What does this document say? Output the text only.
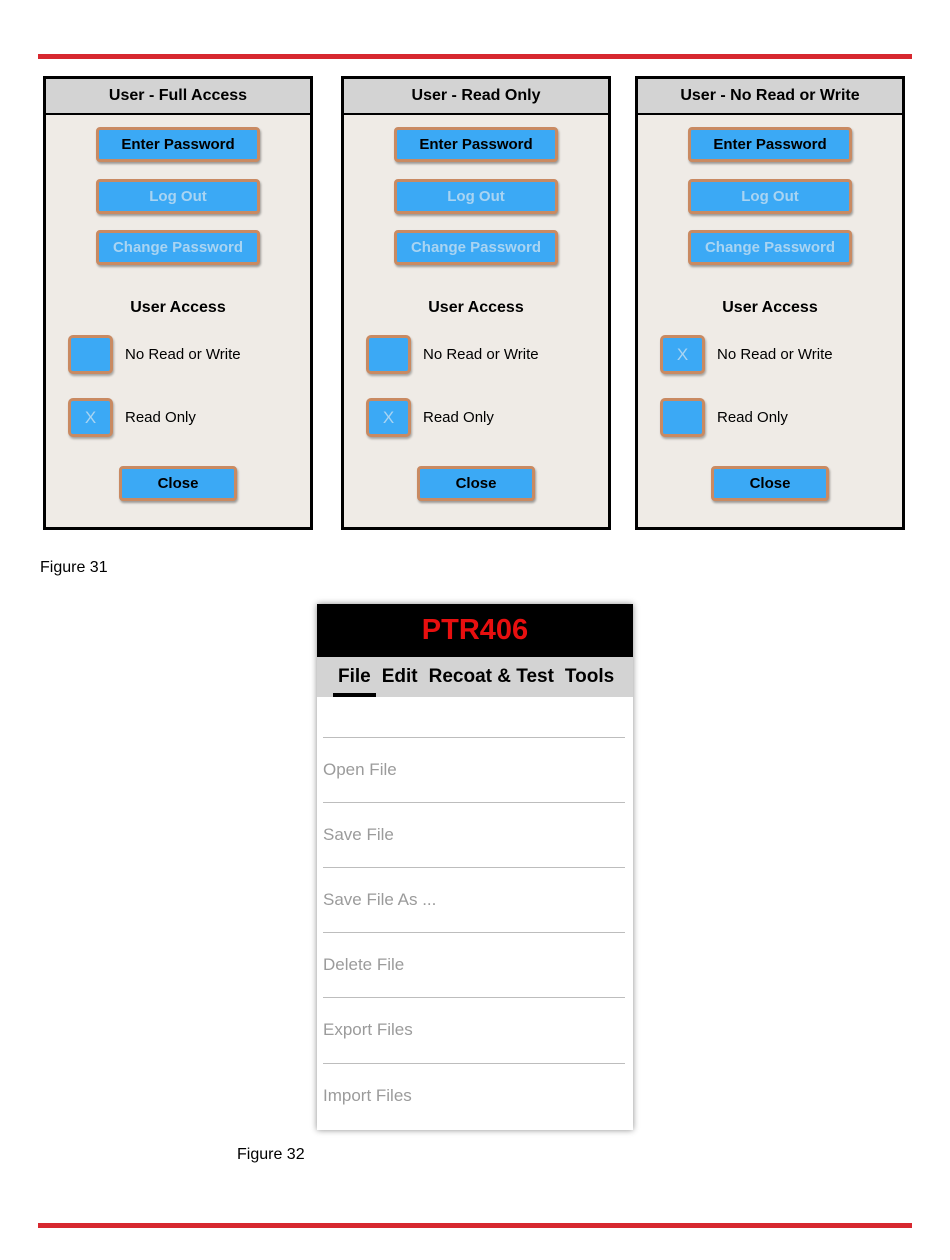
User - Full Access
Enter Password
Log Out
Change Password
User Access
No Read or Write
X	Read Only
Close
User - Read Only
Enter Password
Log Out
Change Password
User Access
No Read or Write
X	Read Only
Close
User - No Read or Write
Enter Password
Log Out
Change Password
User Access
X	No Read or Write
Read Only
Close
Figure 31
PTR406
File Edit Recoat & Test Tools
Open File
Save File
Save File As ...
Delete File
Export Files
Import Files
Figure 32
